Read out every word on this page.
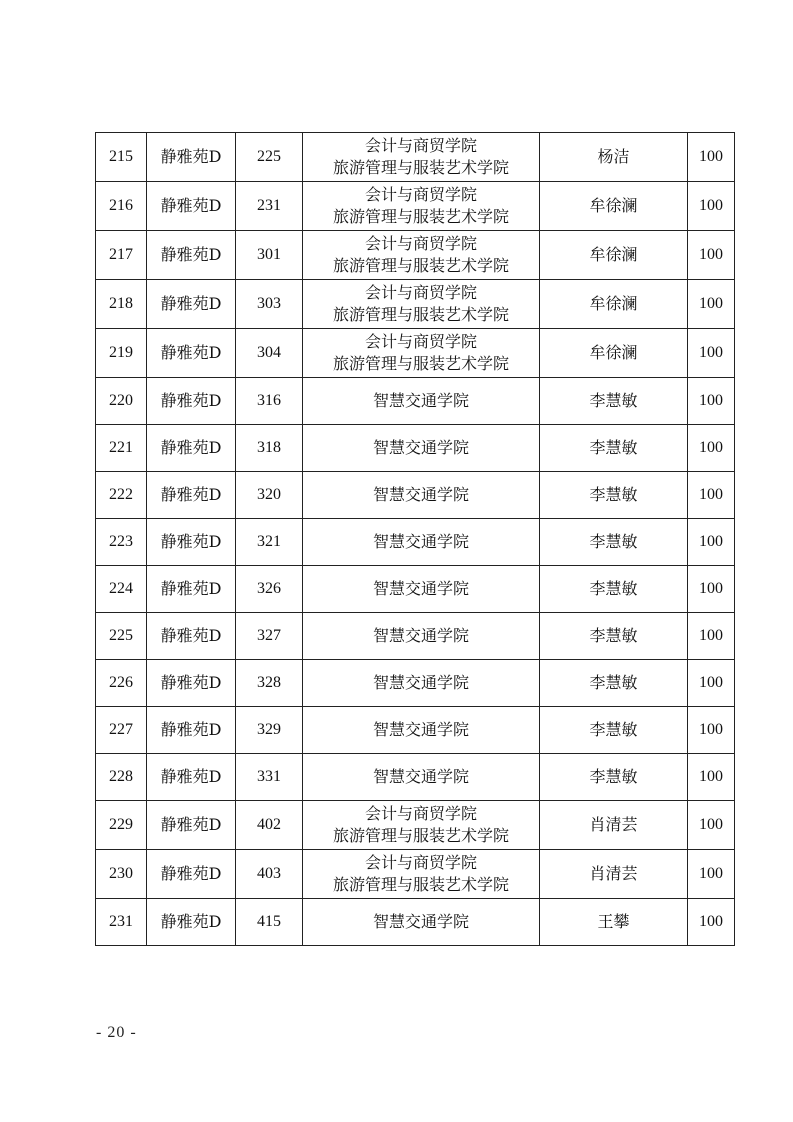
215	静雅苑D	225	会计与商贸学院
旅游管理与服装艺术学院	杨洁	100
216	静雅苑D	231	会计与商贸学院
旅游管理与服装艺术学院	牟徐澜	100
217	静雅苑D	301	会计与商贸学院
旅游管理与服装艺术学院	牟徐澜	100
218	静雅苑D	303	会计与商贸学院
旅游管理与服装艺术学院	牟徐澜	100
219	静雅苑D	304	会计与商贸学院
旅游管理与服装艺术学院	牟徐澜	100
220	静雅苑D	316	智慧交通学院	李慧敏	100
221	静雅苑D	318	智慧交通学院	李慧敏	100
222	静雅苑D	320	智慧交通学院	李慧敏	100
223	静雅苑D	321	智慧交通学院	李慧敏	100
224	静雅苑D	326	智慧交通学院	李慧敏	100
225	静雅苑D	327	智慧交通学院	李慧敏	100
226	静雅苑D	328	智慧交通学院	李慧敏	100
227	静雅苑D	329	智慧交通学院	李慧敏	100
228	静雅苑D	331	智慧交通学院	李慧敏	100
229	静雅苑D	402	会计与商贸学院
旅游管理与服装艺术学院	肖清芸	100
230	静雅苑D	403	会计与商贸学院
旅游管理与服装艺术学院	肖清芸	100
231	静雅苑D	415	智慧交通学院	王攀	100
- 20 -
